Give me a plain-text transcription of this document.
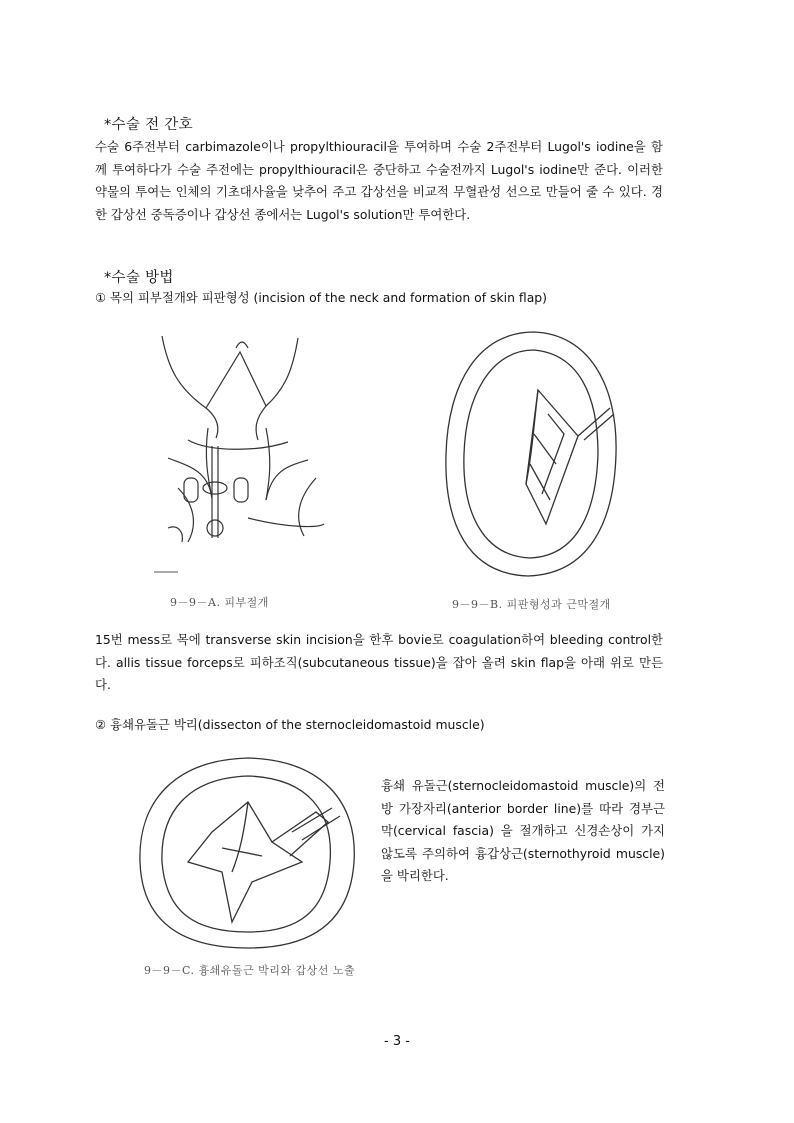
*수술 전 간호
수술 6주전부터 carbimazole이나 propylthiouracil을 투여하며 수술 2주전부터 Lugol's iodine을 함께 투여하다가 수술 주전에는 propylthiouracil은 중단하고 수술전까지 Lugol's iodine만 준다. 이러한 약물의 투여는 인체의 기초대사율을 낮추어 주고 갑상선을 비교적 무혈관성 선으로 만들어 줄 수 있다. 경한 갑상선 중독증이나 갑상선 종에서는 Lugol's solution만 투여한다.
*수술 방법
① 목의 피부절개와 피판형성 (incision of the neck and formation of skin flap)
9－9－A. 피부절개	9－9－B. 피판형성과 근막절개
15번 mess로 목에 transverse skin incision을 한후 bovie로 coagulation하여 bleeding control한다. allis tissue forceps로 피하조직(subcutaneous tissue)을 잡아 올려 skin flap을 아래 위로 만든다.
② 흉쇄유돌근 박리(dissecton of the sternocleidomastoid muscle)
9－9－C. 흉쇄유돌근 박리와 갑상선 노출
흉쇄 유돌근(sternocleidomastoid muscle)의 전방 가장자리(anterior border line)를 따라 경부근막(cervical fascia) 을 절개하고 신경손상이 가지 않도록 주의하여 흉갑상근(sternothyroid muscle)을 박리한다.
- 3 -
